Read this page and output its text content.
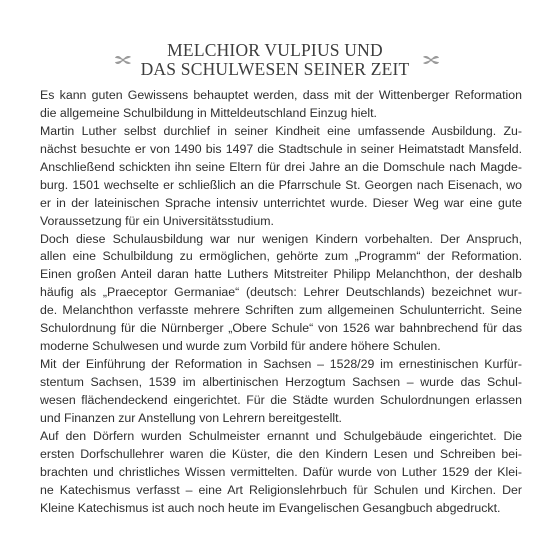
MELCHIOR VULPIUS UND
DAS SCHULWESEN SEINER ZEIT
Es kann guten Gewissens behauptet werden, dass mit der Wittenberger Reformation
die allgemeine Schulbildung in Mitteldeutschland Einzug hielt.
Martin Luther selbst durchlief in seiner Kindheit eine umfassende Ausbildung. Zu-
nächst besuchte er von 1490 bis 1497 die Stadtschule in seiner Heimatstadt Mansfeld.
Anschließend schickten ihn seine Eltern für drei Jahre an die Domschule nach Magde-
burg. 1501 wechselte er schließlich an die Pfarrschule St. Georgen nach Eisenach, wo
er in der lateinischen Sprache intensiv unterrichtet wurde. Dieser Weg war eine gute
Voraussetzung für ein Universitätsstudium.
Doch diese Schulausbildung war nur wenigen Kindern vorbehalten. Der Anspruch,
allen eine Schulbildung zu ermöglichen, gehörte zum „Programm“ der Reformation.
Einen großen Anteil daran hatte Luthers Mitstreiter Philipp Melanchthon, der deshalb
häufig als „Praeceptor Germaniae“ (deutsch: Lehrer Deutschlands) bezeichnet wur-
de. Melanchthon verfasste mehrere Schriften zum allgemeinen Schulunterricht. Seine
Schulordnung für die Nürnberger „Obere Schule“ von 1526 war bahnbrechend für das
moderne Schulwesen und wurde zum Vorbild für andere höhere Schulen.
Mit der Einführung der Reformation in Sachsen – 1528/29 im ernestinischen Kurfür-
stentum Sachsen, 1539 im albertinischen Herzogtum Sachsen – wurde das Schul-
wesen flächendeckend eingerichtet. Für die Städte wurden Schulordnungen erlassen
und Finanzen zur Anstellung von Lehrern bereitgestellt.
Auf den Dörfern wurden Schulmeister ernannt und Schulgebäude eingerichtet. Die
ersten Dorfschullehrer waren die Küster, die den Kindern Lesen und Schreiben bei-
brachten und christliches Wissen vermittelten. Dafür wurde von Luther 1529 der Klei-
ne Katechismus verfasst – eine Art Religionslehrbuch für Schulen und Kirchen. Der
Kleine Katechismus ist auch noch heute im Evangelischen Gesangbuch abgedruckt.
